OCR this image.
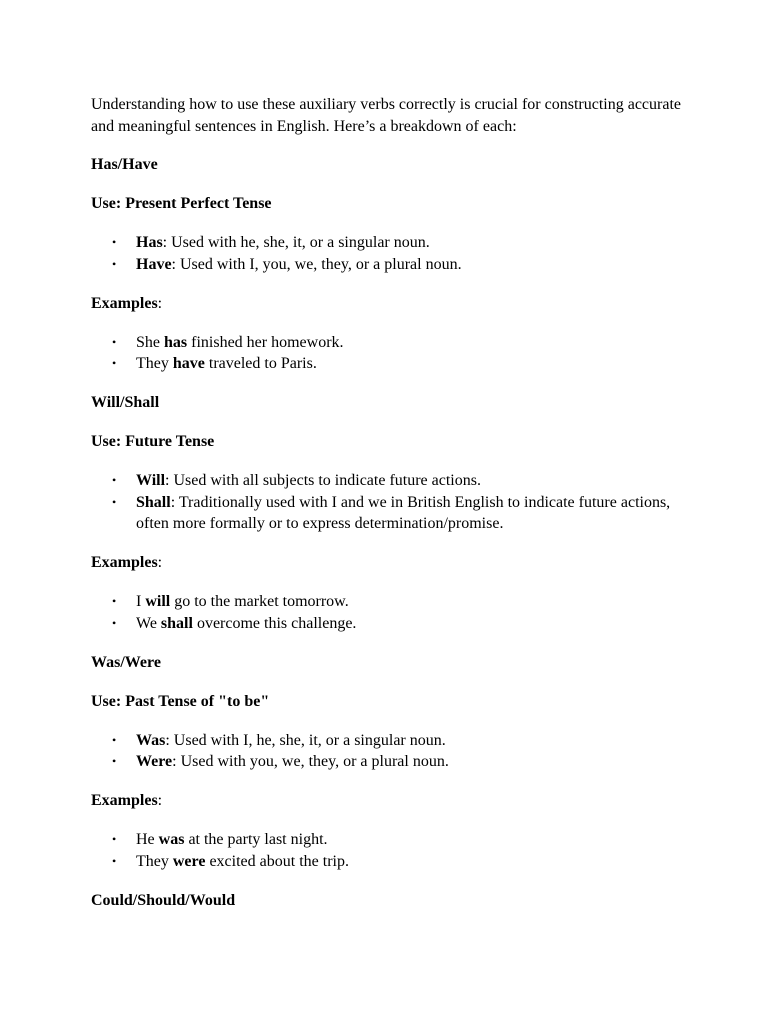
Understanding how to use these auxiliary verbs correctly is crucial for constructing accurate and meaningful sentences in English. Here’s a breakdown of each:

Has/Have

Use: Present Perfect Tense

• Has: Used with he, she, it, or a singular noun.
• Have: Used with I, you, we, they, or a plural noun.

Examples:

• She has finished her homework.
• They have traveled to Paris.

Will/Shall

Use: Future Tense

• Will: Used with all subjects to indicate future actions.
• Shall: Traditionally used with I and we in British English to indicate future actions, often more formally or to express determination/promise.

Examples:

• I will go to the market tomorrow.
• We shall overcome this challenge.

Was/Were

Use: Past Tense of "to be"

• Was: Used with I, he, she, it, or a singular noun.
• Were: Used with you, we, they, or a plural noun.

Examples:

• He was at the party last night.
• They were excited about the trip.

Could/Should/Would
